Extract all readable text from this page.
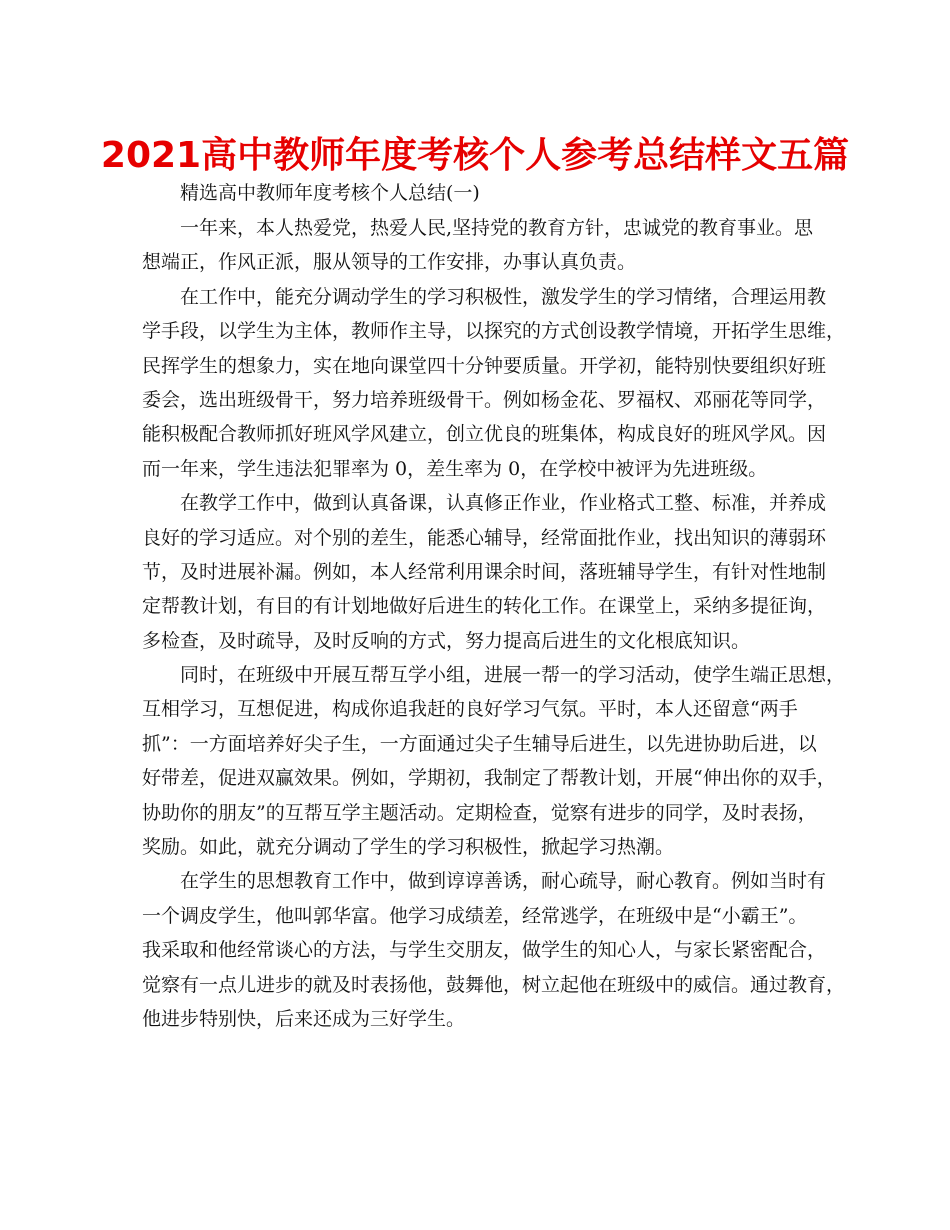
2021高中教师年度考核个人参考总结样文五篇
精选高中教师年度考核个人总结(一)
一年来，本人热爱党，热爱人民,坚持党的教育方针，忠诚党的教育事业。思
想端正，作风正派，服从领导的工作安排，办事认真负责。
在工作中，能充分调动学生的学习积极性，激发学生的学习情绪，合理运用教
学手段，以学生为主体，教师作主导，以探究的方式创设教学情境，开拓学生思维，
民挥学生的想象力，实在地向课堂四十分钟要质量。开学初，能特别快要组织好班
委会，选出班级骨干，努力培养班级骨干。例如杨金花、罗福权、邓丽花等同学，
能积极配合教师抓好班风学风建立，创立优良的班集体，构成良好的班风学风。因
而一年来，学生违法犯罪率为 0，差生率为 0，在学校中被评为先进班级。
在教学工作中，做到认真备课，认真修正作业，作业格式工整、标准，并养成
良好的学习适应。对个别的差生，能悉心辅导，经常面批作业，找出知识的薄弱环
节，及时进展补漏。例如，本人经常利用课余时间，落班辅导学生，有针对性地制
定帮教计划，有目的有计划地做好后进生的转化工作。在课堂上，采纳多提征询，
多检查，及时疏导，及时反响的方式，努力提高后进生的文化根底知识。
同时，在班级中开展互帮互学小组，进展一帮一的学习活动，使学生端正思想，
互相学习，互想促进，构成你追我赶的良好学习气氛。平时，本人还留意“两手
抓”：一方面培养好尖子生，一方面通过尖子生辅导后进生，以先进协助后进，以
好带差，促进双赢效果。例如，学期初，我制定了帮教计划，开展“伸出你的双手，
协助你的朋友”的互帮互学主题活动。定期检查，觉察有进步的同学，及时表扬，
奖励。如此，就充分调动了学生的学习积极性，掀起学习热潮。
在学生的思想教育工作中，做到谆谆善诱，耐心疏导，耐心教育。例如当时有
一个调皮学生，他叫郭华富。他学习成绩差，经常逃学，在班级中是“小霸王”。
我采取和他经常谈心的方法，与学生交朋友，做学生的知心人，与家长紧密配合，
觉察有一点儿进步的就及时表扬他，鼓舞他，树立起他在班级中的威信。通过教育，
他进步特别快，后来还成为三好学生。
